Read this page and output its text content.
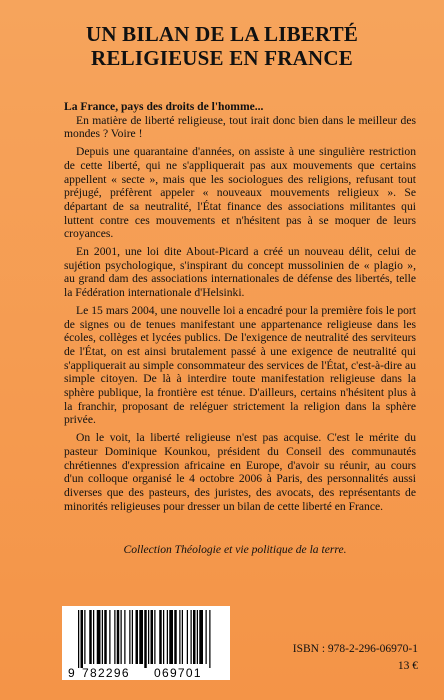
UN BILAN DE LA LIBERTÉ
RELIGIEUSE EN FRANCE

La France, pays des droits de l'homme...

En matière de liberté religieuse, tout irait donc bien dans le meilleur des mondes ? Voire !

Depuis une quarantaine d'années, on assiste à une singulière restriction de cette liberté, qui ne s'appliquerait pas aux mouvements que certains appellent « secte », mais que les sociologues des religions, refusant tout préjugé, préfèrent appeler « nouveaux mouvements religieux ». Se départant de sa neutralité, l'État finance des associations militantes qui luttent contre ces mouvements et n'hésitent pas à se moquer de leurs croyances.

En 2001, une loi dite About-Picard a créé un nouveau délit, celui de sujétion psychologique, s'inspirant du concept mussolinien de « plagio », au grand dam des associations internationales de défense des libertés, telle la Fédération internationale d'Helsinki.

Le 15 mars 2004, une nouvelle loi a encadré pour la première fois le port de signes ou de tenues manifestant une appartenance religieuse dans les écoles, collèges et lycées publics. De l'exigence de neutralité des serviteurs de l'État, on est ainsi brutalement passé à une exigence de neutralité qui s'appliquerait au simple consommateur des services de l'État, c'est-à-dire au simple citoyen. De là à interdire toute manifestation religieuse dans la sphère publique, la frontière est ténue. D'ailleurs, certains n'hésitent plus à la franchir, proposant de reléguer strictement la religion dans la sphère privée.

On le voit, la liberté religieuse n'est pas acquise. C'est le mérite du pasteur Dominique Kounkou, président du Conseil des communautés chrétiennes d'expression africaine en Europe, d'avoir su réunir, au cours d'un colloque organisé le 4 octobre 2006 à Paris, des personnalités aussi diverses que des pasteurs, des juristes, des avocats, des représentants de minorités religieuses pour dresser un bilan de cette liberté en France.

Collection Théologie et vie politique de la terre.
9 782296 069701
ISBN : 978-2-296-06970-1
13 €
